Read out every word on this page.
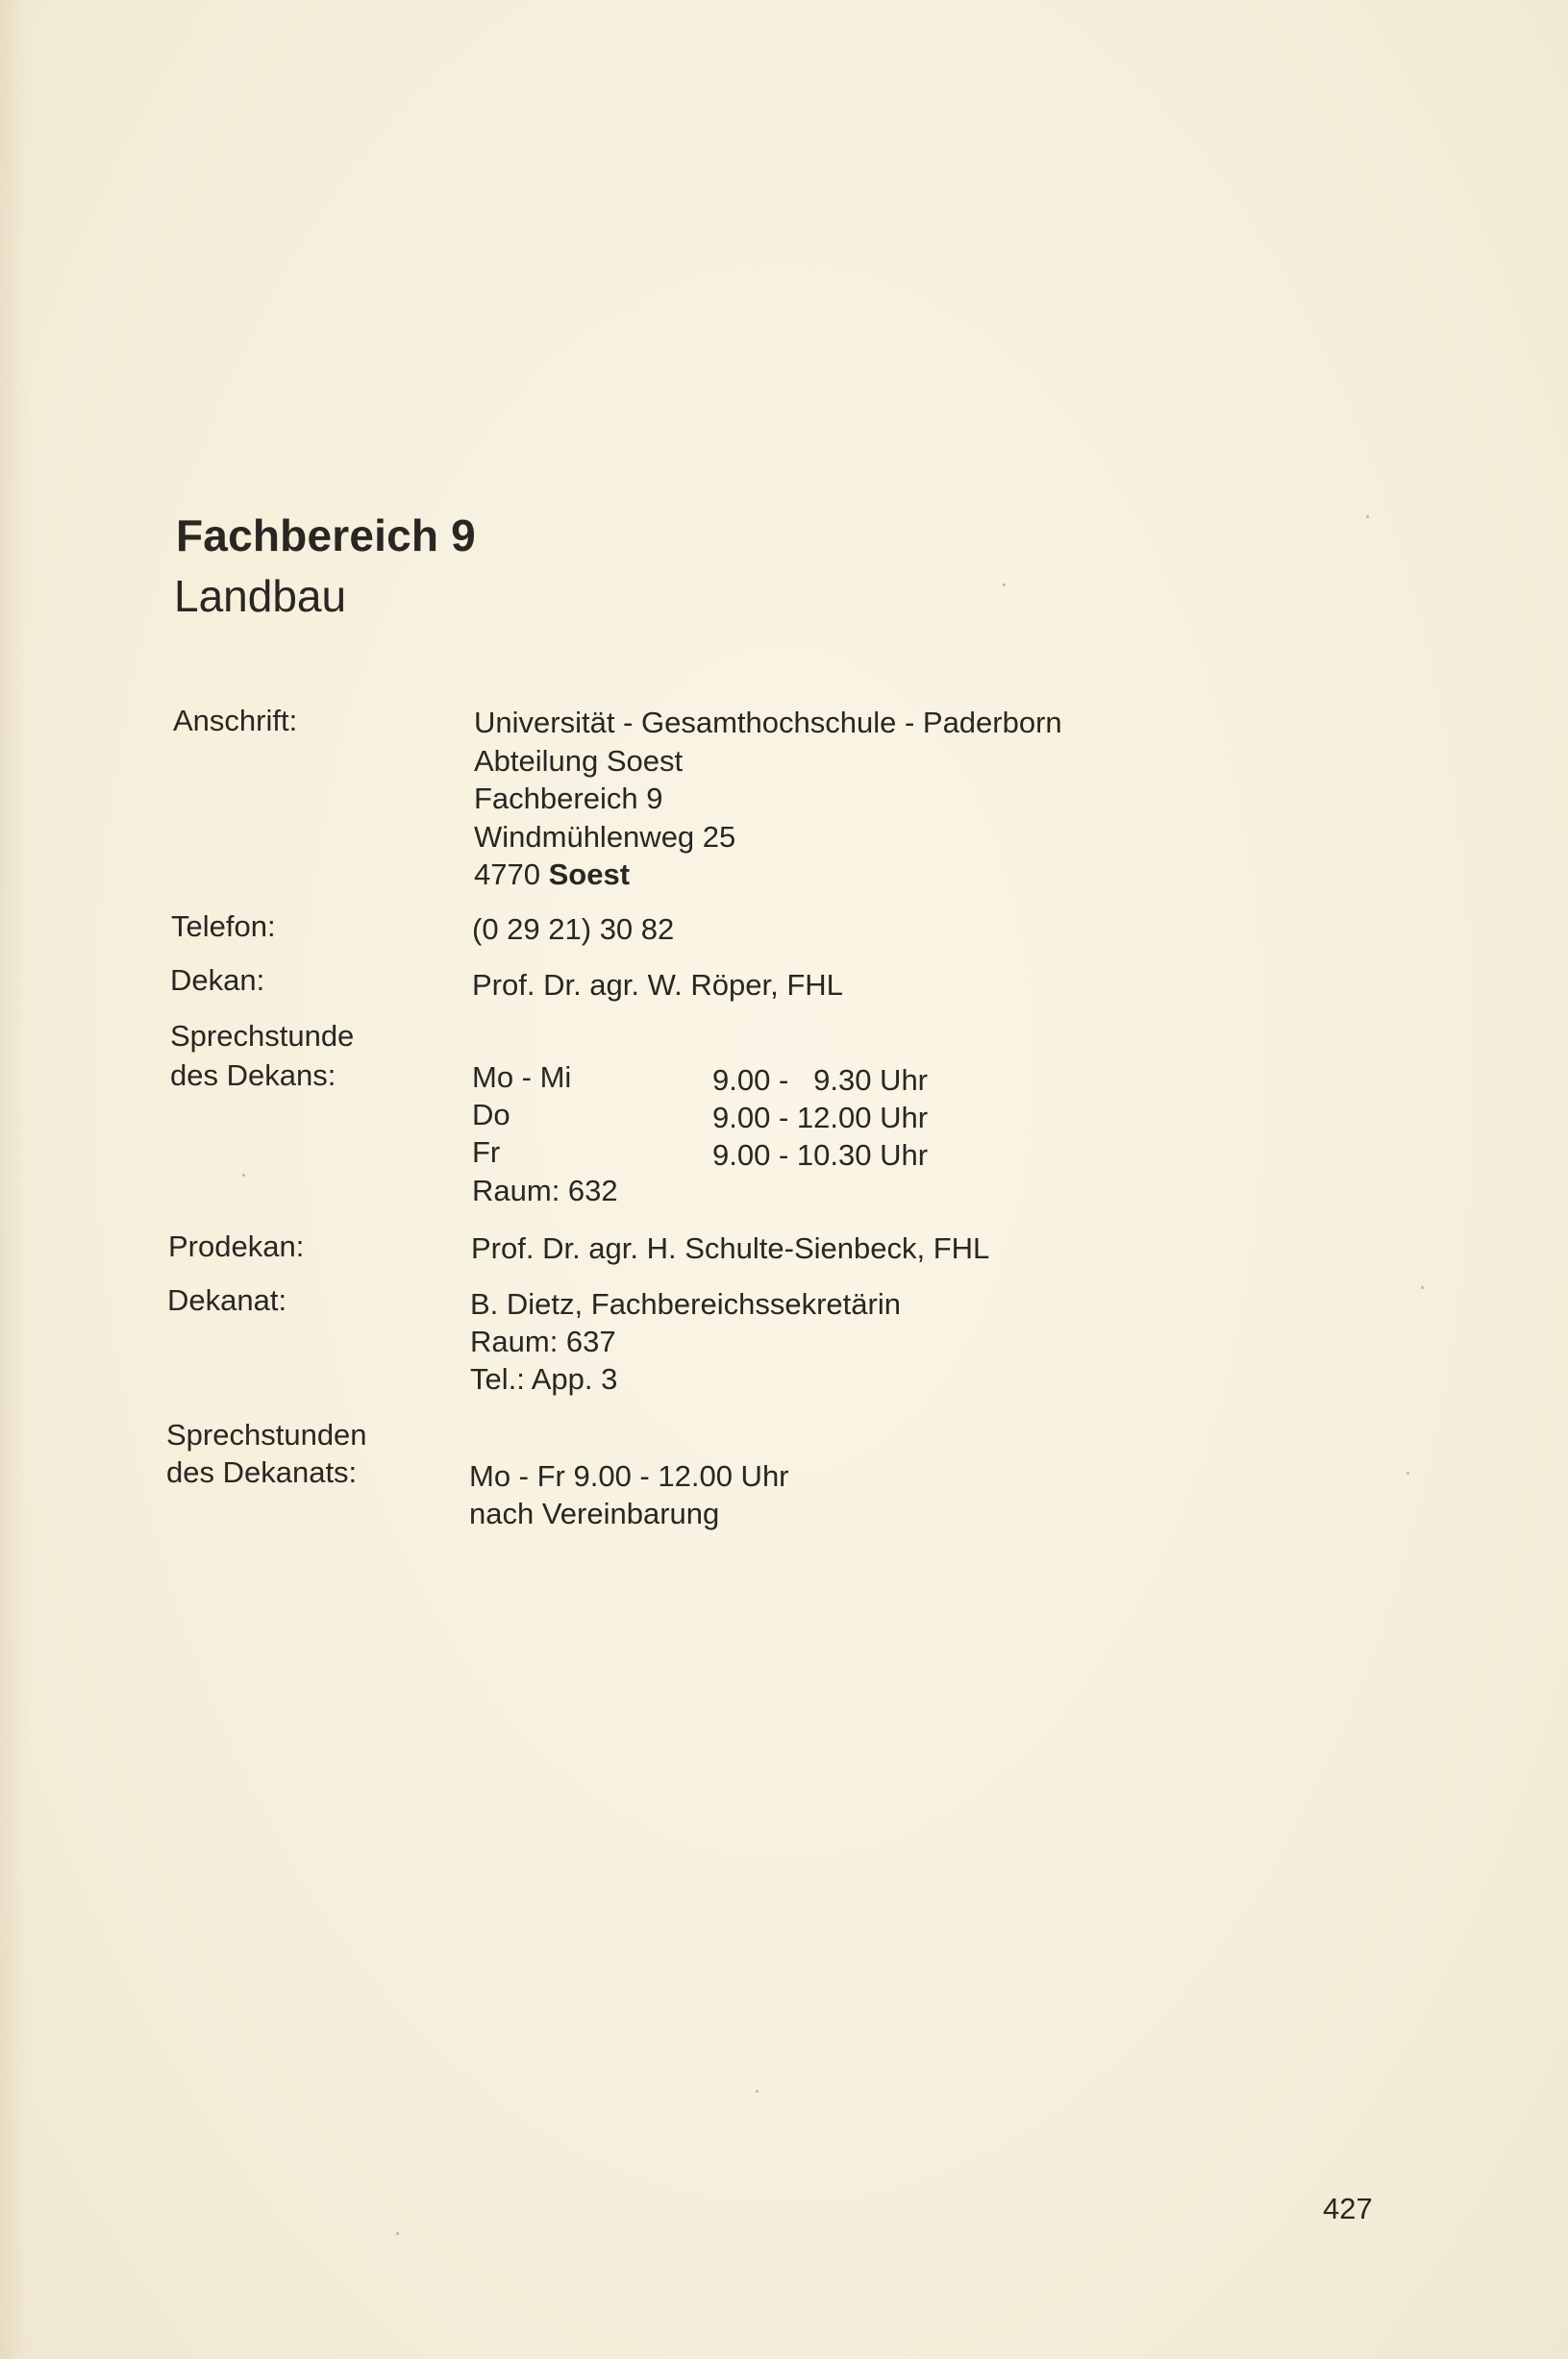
Fachbereich 9
Landbau
Anschrift:	Universität - Gesamthochschule - Paderborn
Abteilung Soest
Fachbereich 9
Windmühlenweg 25
4770 Soest
Telefon:	(0 29 21) 30 82
Dekan:	Prof. Dr. agr. W. Röper, FHL
Sprechstunde
des Dekans:	Mo - Mi	9.00 -   9.30 Uhr
Do	9.00 - 12.00 Uhr
Fr	9.00 - 10.30 Uhr
Raum: 632
Prodekan:	Prof. Dr. agr. H. Schulte-Sienbeck, FHL
Dekanat:	B. Dietz, Fachbereichssekretärin
Raum: 637
Tel.: App. 3
Sprechstunden
des Dekanats:	Mo - Fr 9.00 - 12.00 Uhr
nach Vereinbarung
427
